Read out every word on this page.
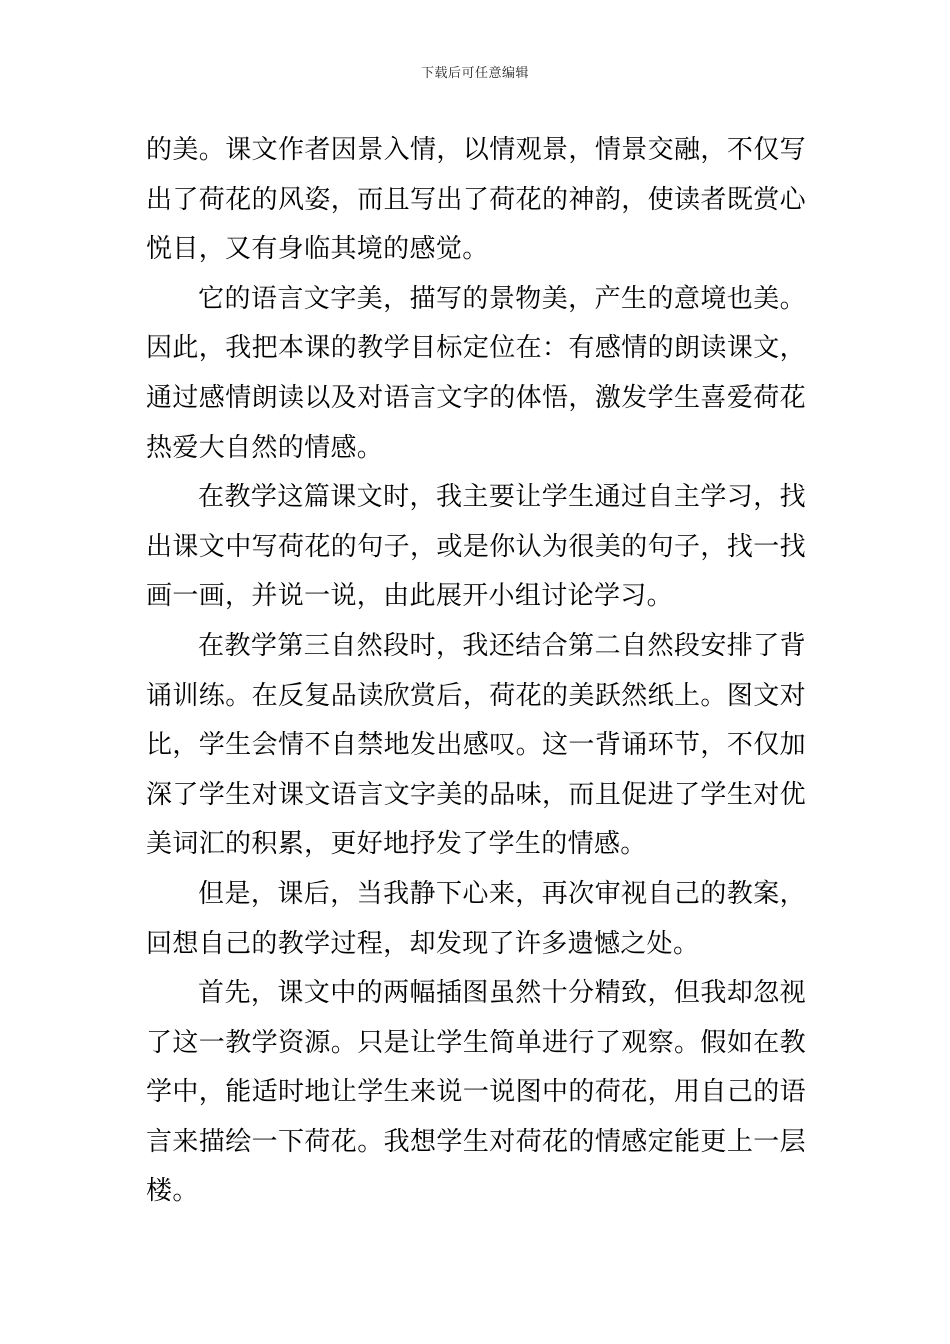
下载后可任意编辑
的美。课文作者因景入情，以情观景，情景交融，不仅写
出了荷花的风姿，而且写出了荷花的神韵，使读者既赏心
悦目，又有身临其境的感觉。
它的语言文字美，描写的景物美，产生的意境也美。
因此，我把本课的教学目标定位在：有感情的朗读课文，
通过感情朗读以及对语言文字的体悟，激发学生喜爱荷花
热爱大自然的情感。
在教学这篇课文时，我主要让学生通过自主学习，找
出课文中写荷花的句子，或是你认为很美的句子，找一找
画一画，并说一说，由此展开小组讨论学习。
在教学第三自然段时，我还结合第二自然段安排了背
诵训练。在反复品读欣赏后，荷花的美跃然纸上。图文对
比，学生会情不自禁地发出感叹。这一背诵环节，不仅加
深了学生对课文语言文字美的品味，而且促进了学生对优
美词汇的积累，更好地抒发了学生的情感。
但是，课后，当我静下心来，再次审视自己的教案，
回想自己的教学过程，却发现了许多遗憾之处。
首先，课文中的两幅插图虽然十分精致，但我却忽视
了这一教学资源。只是让学生简单进行了观察。假如在教
学中，能适时地让学生来说一说图中的荷花，用自己的语
言来描绘一下荷花。我想学生对荷花的情感定能更上一层
楼。
